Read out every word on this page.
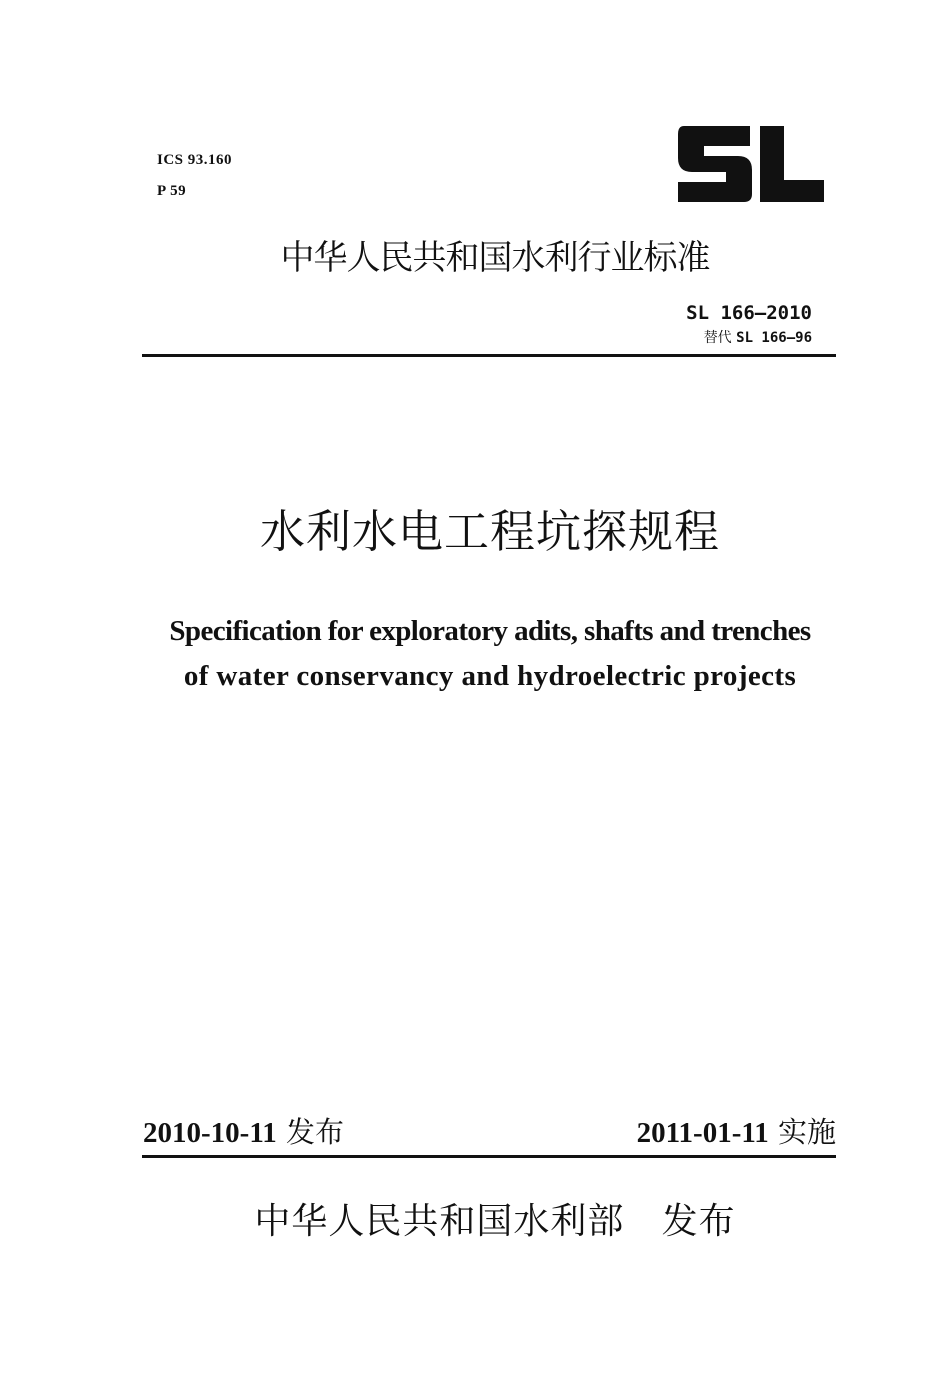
ICS 93.160
P 59
中华人民共和国水利行业标准
SL 166—2010
替代 SL 166—96
水利水电工程坑探规程
Specification for exploratory adits, shafts and trenches
of water conservancy and hydroelectric projects
2010-10-11 发布	2011-01-11 实施
中华人民共和国水利部 发布
